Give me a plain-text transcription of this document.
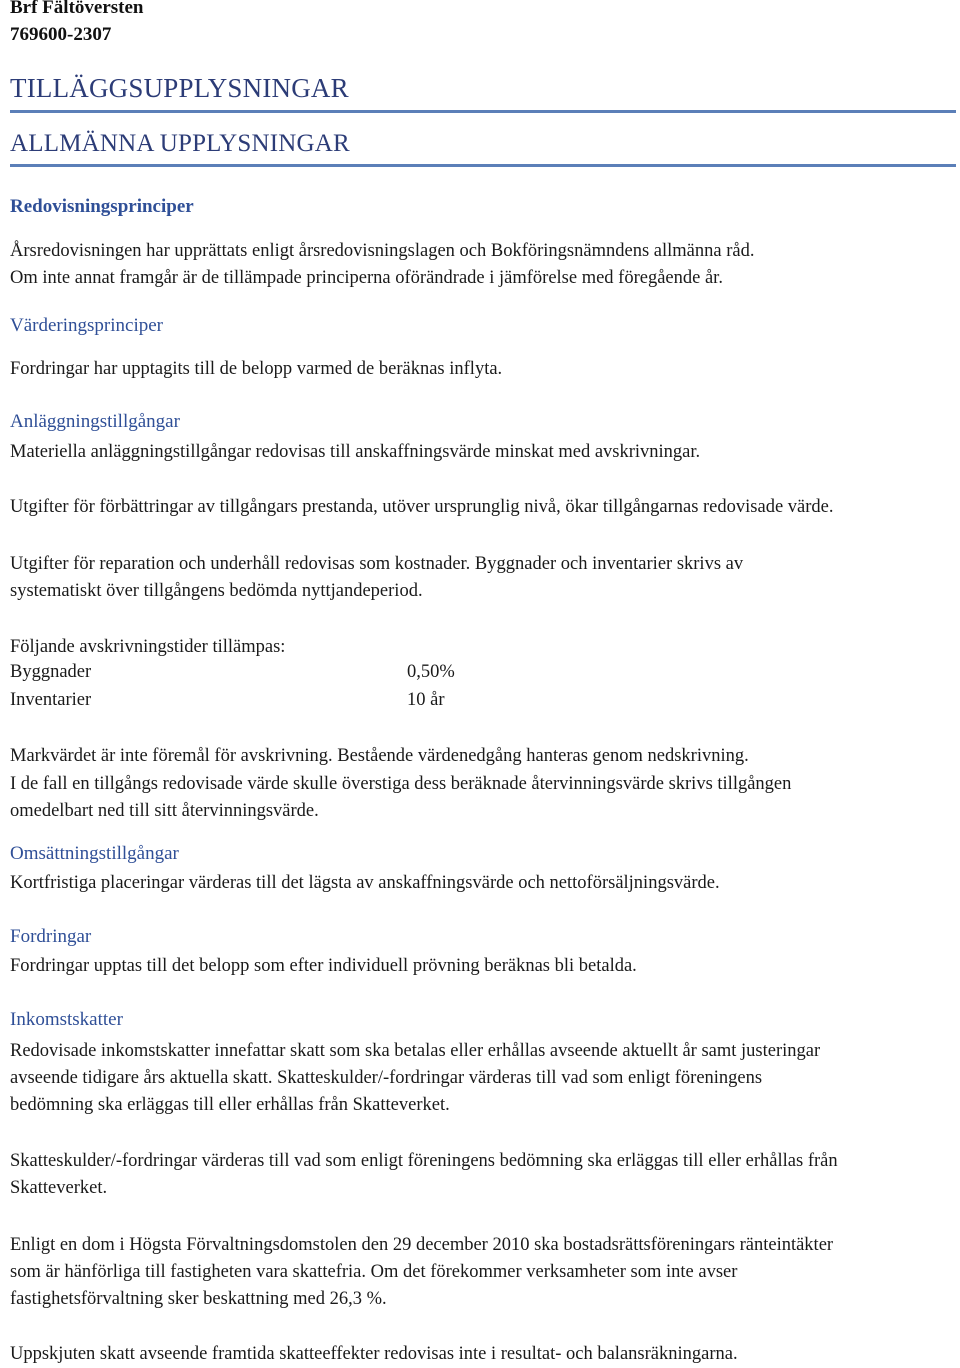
Brf Fältöversten
769600-2307
TILLÄGGSUPPLYSNINGAR
ALLMÄNNA UPPLYSNINGAR
Redovisningsprinciper
Årsredovisningen har upprättats enligt årsredovisningslagen och Bokföringsnämndens allmänna råd.
Om inte annat framgår är de tillämpade principerna oförändrade i jämförelse med föregående år.
Värderingsprinciper
Fordringar har upptagits till de belopp varmed de beräknas inflyta.
Anläggningstillgångar
Materiella anläggningstillgångar redovisas till anskaffningsvärde minskat med avskrivningar.
Utgifter för förbättringar av tillgångars prestanda, utöver ursprunglig nivå, ökar tillgångarnas redovisade värde.
Utgifter för reparation och underhåll redovisas som kostnader. Byggnader och inventarier skrivs av
systematiskt över tillgångens bedömda nyttjandeperiod.
Följande avskrivningstider tillämpas:
Byggnader	0,50%
Inventarier	10 år
Markvärdet är inte föremål för avskrivning. Bestående värdenedgång hanteras genom nedskrivning.
I de fall en tillgångs redovisade värde skulle överstiga dess beräknade återvinningsvärde skrivs tillgången
omedelbart ned till sitt återvinningsvärde.
Omsättningstillgångar
Kortfristiga placeringar värderas till det lägsta av anskaffningsvärde och nettoförsäljningsvärde.
Fordringar
Fordringar upptas till det belopp som efter individuell prövning beräknas bli betalda.
Inkomstskatter
Redovisade inkomstskatter innefattar skatt som ska betalas eller erhållas avseende aktuellt år samt justeringar
avseende tidigare års aktuella skatt. Skatteskulder/-fordringar värderas till vad som enligt föreningens
bedömning ska erläggas till eller erhållas från Skatteverket.
Skatteskulder/-fordringar värderas till vad som enligt föreningens bedömning ska erläggas till eller erhållas från
Skatteverket.
Enligt en dom i Högsta Förvaltningsdomstolen den 29 december 2010 ska bostadsrättsföreningars ränteintäkter
som är hänförliga till fastigheten vara skattefria. Om det förekommer verksamheter som inte avser
fastighetsförvaltning sker beskattning med 26,3 %.
Uppskjuten skatt avseende framtida skatteeffekter redovisas inte i resultat- och balansräkningarna.
